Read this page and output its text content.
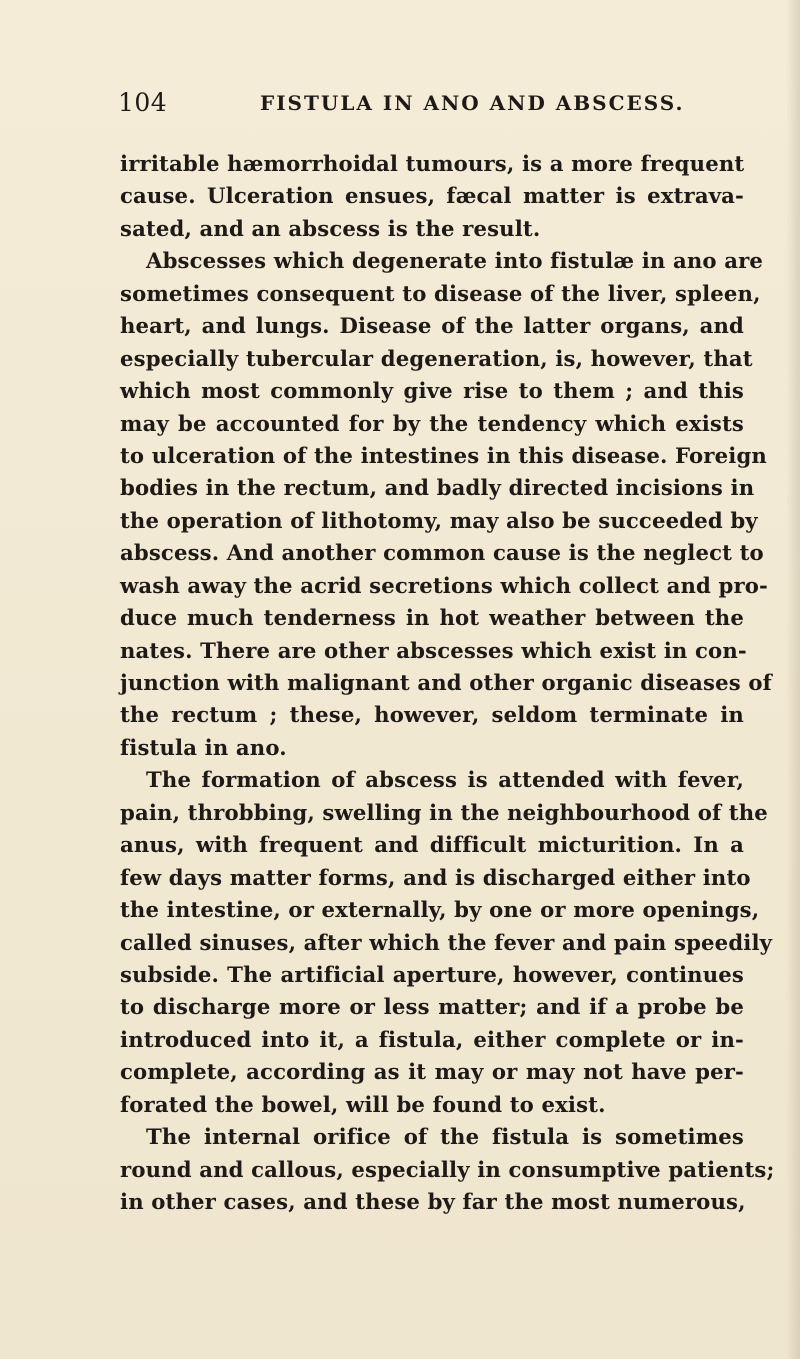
104	FISTULA IN ANO AND ABSCESS.
irritable hæmorrhoidal tumours, is a more frequent
cause. Ulceration ensues, fæcal matter is extrava-
sated, and an abscess is the result.
Abscesses which degenerate into fistulæ in ano are
sometimes consequent to disease of the liver, spleen,
heart, and lungs. Disease of the latter organs, and
especially tubercular degeneration, is, however, that
which most commonly give rise to them ; and this
may be accounted for by the tendency which exists
to ulceration of the intestines in this disease. Foreign
bodies in the rectum, and badly directed incisions in
the operation of lithotomy, may also be succeeded by
abscess. And another common cause is the neglect to
wash away the acrid secretions which collect and pro-
duce much tenderness in hot weather between the
nates. There are other abscesses which exist in con-
junction with malignant and other organic diseases of
the rectum ; these, however, seldom terminate in
fistula in ano.
The formation of abscess is attended with fever,
pain, throbbing, swelling in the neighbourhood of the
anus, with frequent and difficult micturition. In a
few days matter forms, and is discharged either into
the intestine, or externally, by one or more openings,
called sinuses, after which the fever and pain speedily
subside. The artificial aperture, however, continues
to discharge more or less matter; and if a probe be
introduced into it, a fistula, either complete or in-
complete, according as it may or may not have per-
forated the bowel, will be found to exist.
The internal orifice of the fistula is sometimes
round and callous, especially in consumptive patients;
in other cases, and these by far the most numerous,
